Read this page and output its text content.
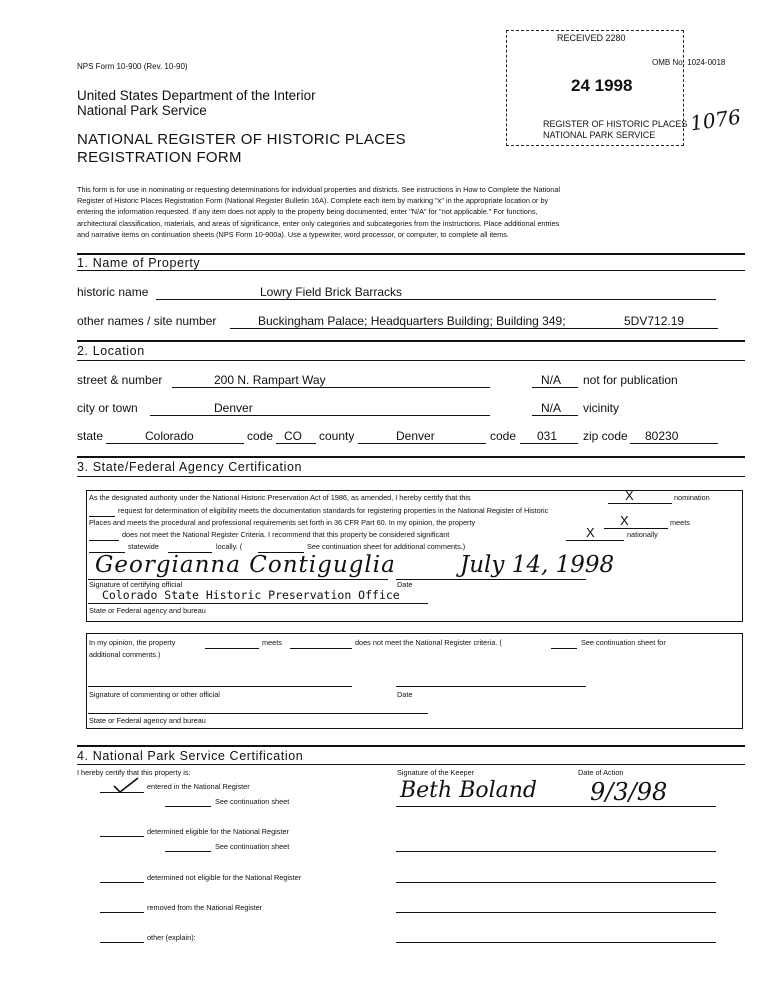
NPS Form 10-900 (Rev. 10-90)	OMB No. 1024-0018
United States Department of the Interior
National Park Service
NATIONAL REGISTER OF HISTORIC PLACES
REGISTRATION FORM
RECEIVED 2280
24 1998
REGISTER OF HISTORIC PLACES
NATIONAL PARK SERVICE 1076
This form is for use in nominating or requesting determinations for individual properties and districts. See instructions in How to Complete the National
Register of Historic Places Registration Form (National Register Bulletin 16A). Complete each item by marking "x" in the appropriate location or by
entering the information requested. If any item does not apply to the property being documented, enter "N/A" for "not applicable." For functions,
architectural classification, materials, and areas of significance, enter only categories and subcategories from the instructions. Place additional entries
and narrative items on continuation sheets (NPS Form 10-900a). Use a typewriter, word processor, or computer, to complete all items.
1. Name of Property
historic name	Lowry Field Brick Barracks
other names / site number	Buckingham Palace; Headquarters Building; Building 349;	5DV712.19
2. Location
street & number	200 N. Rampart Way	N/A not for publication
city or town	Denver	N/A vicinity
state	Colorado	code CO county	Denver	code 031 zip code 80230
3. State/Federal Agency Certification
As the designated authority under the National Historic Preservation Act of 1986, as amended, I hereby certify that this	X	nomination
request for determination of eligibility meets the documentation standards for registering properties in the National Register of Historic
Places and meets the procedural and professional requirements set forth in 36 CFR Part 60. In my opinion, the property	X	meets
does not meet the National Register Criteria. I recommend that this property be considered significant	X	nationally
statewide	locally. (	See continuation sheet for additional comments.)
Georgianna Contiguglia	July 14, 1998
Signature of certifying official	Date
Colorado State Historic Preservation Office
State or Federal agency and bureau
In my opinion, the property	meets	does not meet the National Register criteria. (	See continuation sheet for
additional comments.)
Signature of commenting or other official	Date
State or Federal agency and bureau
4. National Park Service Certification
I hereby certify that this property is:	Signature of the Keeper	Date of Action
entered in the National Register
See continuation sheet	Beth Boland 9/3/98
determined eligible for the National Register
See continuation sheet
determined not eligible for the National Register
removed from the National Register
other (explain):
